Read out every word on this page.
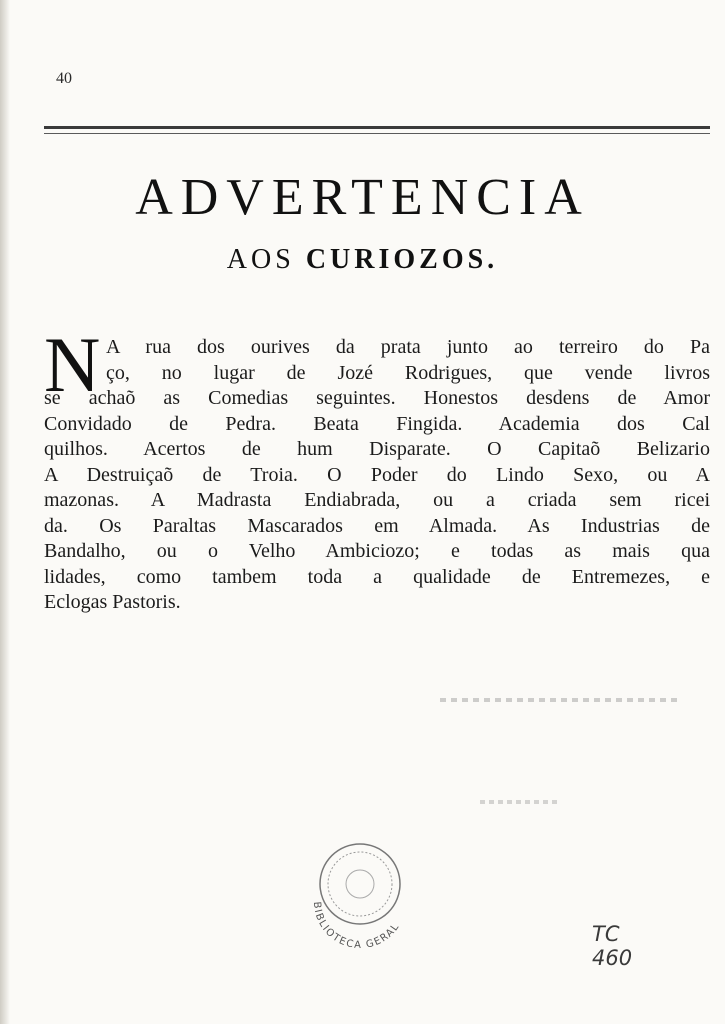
40
ADVERTENCIA
AOS CURIOZOS.
N A rua dos ourives da prata junto ao terreiro do Pa
ço, no lugar de Jozé Rodrigues, que vende livros
se achaõ as Comedias seguintes. Honestos desdens de Amor
Convidado de Pedra. Beata Fingida. Academia dos Cal
quilhos. Acertos de hum Disparate. O Capitaõ Belizario
A Destruiçaõ de Troia. O Poder do Lindo Sexo, ou A
mazonas. A Madrasta Endiabrada, ou a criada sem ricei
da. Os Paraltas Mascarados em Almada. As Industrias de
Bandalho, ou o Velho Ambiciozo; e todas as mais qua
lidades, como tambem toda a qualidade de Entremezes, e
Eclogas Pastoris.
BIBLIOTECA GERAL	TC
460
